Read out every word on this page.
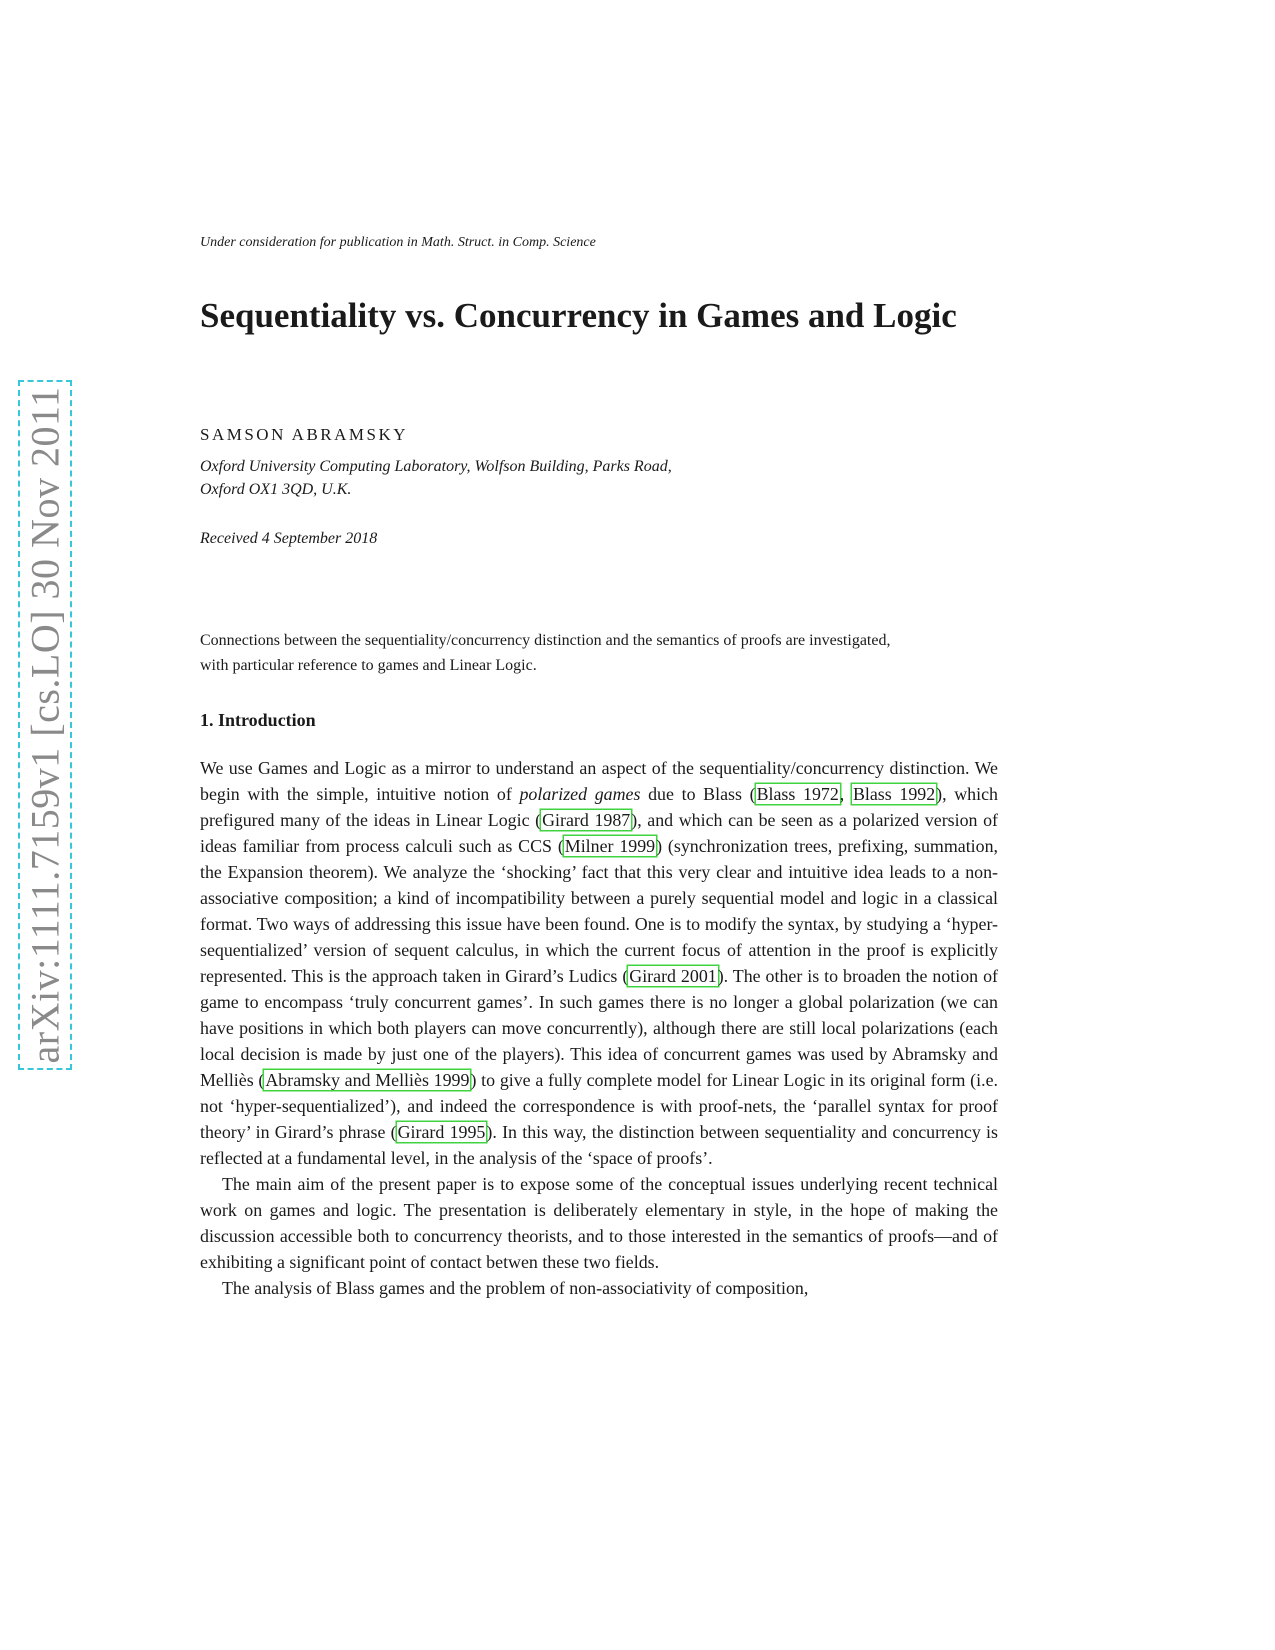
arXiv:1111.7159v1 [cs.LO] 30 Nov 2011
Under consideration for publication in Math. Struct. in Comp. Science
Sequentiality vs. Concurrency in Games and Logic
SAMSON ABRAMSKY
Oxford University Computing Laboratory, Wolfson Building, Parks Road,
Oxford OX1 3QD, U.K.
Received 4 September 2018

Connections between the sequentiality/concurrency distinction and the semantics of proofs are investigated, with particular reference to games and Linear Logic.

1. Introduction

We use Games and Logic as a mirror to understand an aspect of the sequentiality/concurrency distinction. We begin with the simple, intuitive notion of polarized games due to Blass (Blass 1972, Blass 1992), which prefigured many of the ideas in Linear Logic (Girard 1987), and which can be seen as a polarized version of ideas familiar from process calculi such as CCS (Milner 1999) (synchronization trees, prefixing, summation, the Expansion theorem). We analyze the ‘shocking’ fact that this very clear and intuitive idea leads to a non-associative composition; a kind of incompatibility between a purely sequential model and logic in a classical format. Two ways of addressing this issue have been found. One is to modify the syntax, by studying a ‘hyper-sequentialized’ version of sequent calculus, in which the current focus of attention in the proof is explicitly represented. This is the approach taken in Girard’s Ludics (Girard 2001). The other is to broaden the notion of game to encompass ‘truly concurrent games’. In such games there is no longer a global polarization (we can have positions in which both players can move concurrently), although there are still local polarizations (each local decision is made by just one of the players). This idea of concurrent games was used by Abramsky and Melliès (Abramsky and Melliès 1999) to give a fully complete model for Linear Logic in its original form (i.e. not ‘hyper-sequentialized’), and indeed the correspondence is with proof-nets, the ‘parallel syntax for proof theory’ in Girard’s phrase (Girard 1995). In this way, the distinction between sequentiality and concurrency is reflected at a fundamental level, in the analysis of the ‘space of proofs’.

The main aim of the present paper is to expose some of the conceptual issues underlying recent technical work on games and logic. The presentation is deliberately elementary in style, in the hope of making the discussion accessible both to concurrency theorists, and to those interested in the semantics of proofs—and of exhibiting a significant point of contact betwen these two fields.

The analysis of Blass games and the problem of non-associativity of composition,
